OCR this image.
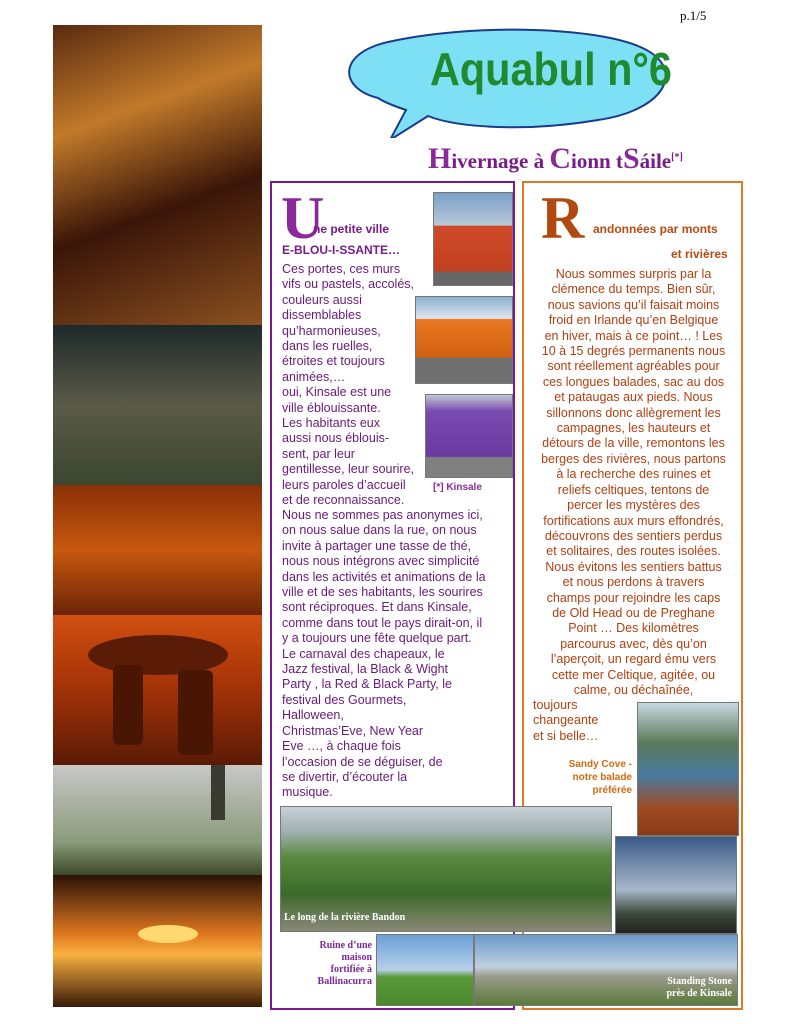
p.1/5
Aquabul n°6
Hivernage à Cionn tSáile[*]
U
ne petite ville
E-BLOU-I-SSANTE…
Ces portes, ces murs
vifs ou pastels, accolés,
couleurs aussi
dissemblables
qu’harmonieuses,
dans les ruelles,
étroites et toujours
animées,…
oui, Kinsale est une
ville éblouissante.
Les habitants eux
aussi nous éblouis-
sent, par leur
gentillesse, leur sourire,
leurs paroles d’accueil
et de reconnaissance.
Nous ne sommes pas anonymes ici,
on nous salue dans la rue, on nous
invite à partager une tasse de thé,
nous nous intégrons avec simplicité
dans les activités et animations de la
ville et de ses habitants, les sourires
sont réciproques. Et dans Kinsale,
comme dans tout le pays dirait-on, il
y a toujours une fête quelque part.
Le carnaval des chapeaux, le
Jazz festival, la Black & Wight
Party , la Red & Black Party, le
festival des Gourmets,
Halloween,
Christmas’Eve, New Year
Eve …, à chaque fois
l’occasion de se déguiser, de
se divertir, d’écouter la
musique.
[*] Kinsale
R andonnées par monts
et rivières
Nous sommes surpris par la
clémence du temps. Bien sûr,
nous savions qu’il faisait moins
froid en Irlande qu’en Belgique
en hiver, mais à ce point… ! Les
10 à 15 degrés permanents nous
sont réellement agréables pour
ces longues balades, sac au dos
et pataugas aux pieds. Nous
sillonnons donc allègrement les
campagnes, les hauteurs et
détours de la ville, remontons les
berges des rivières, nous partons
à la recherche des ruines et
reliefs celtiques, tentons de
percer les mystères des
fortifications aux murs effondrés,
découvrons des sentiers perdus
et solitaires, des routes isolées.
Nous évitons les sentiers battus
et nous perdons à travers
champs pour rejoindre les caps
de Old Head ou de Preghane
Point … Des kilomètres
parcourus avec, dès qu’on
l’aperçoit, un regard ému vers
cette mer Celtique, agitée, ou
calme, ou déchaînée,
toujours
changeante
et si belle…
Sandy Cove -
notre balade
préférée
Le long de la rivière Bandon
Ruine d’une
maison
fortifiée à
Ballinacurra	Standing Stone
près de Kinsale
